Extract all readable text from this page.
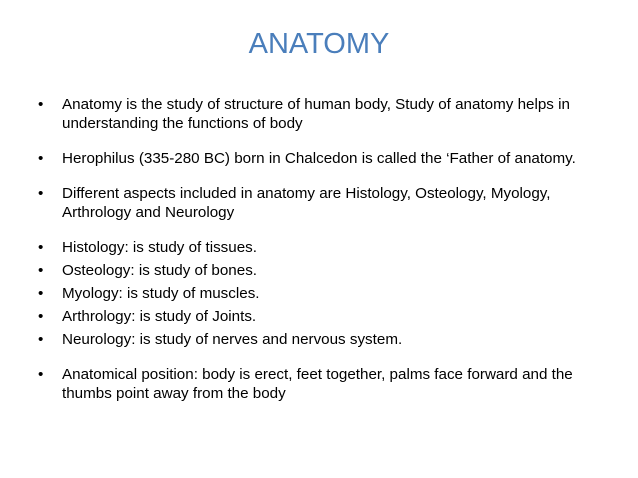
ANATOMY
•	Anatomy is the study of structure of human body, Study of anatomy helps in understanding the functions of body
•	Herophilus (335-280 BC) born in Chalcedon is called the ‘Father of anatomy.
•	Different aspects included in anatomy are Histology, Osteology, Myology, Arthrology and Neurology
•	Histology: is study of tissues.
•	Osteology: is study of bones.
•	Myology: is study of muscles.
•	Arthrology: is study of Joints.
•	Neurology: is study of nerves and nervous system.
•	Anatomical position: body is erect, feet together, palms face forward and the thumbs point away from the body
